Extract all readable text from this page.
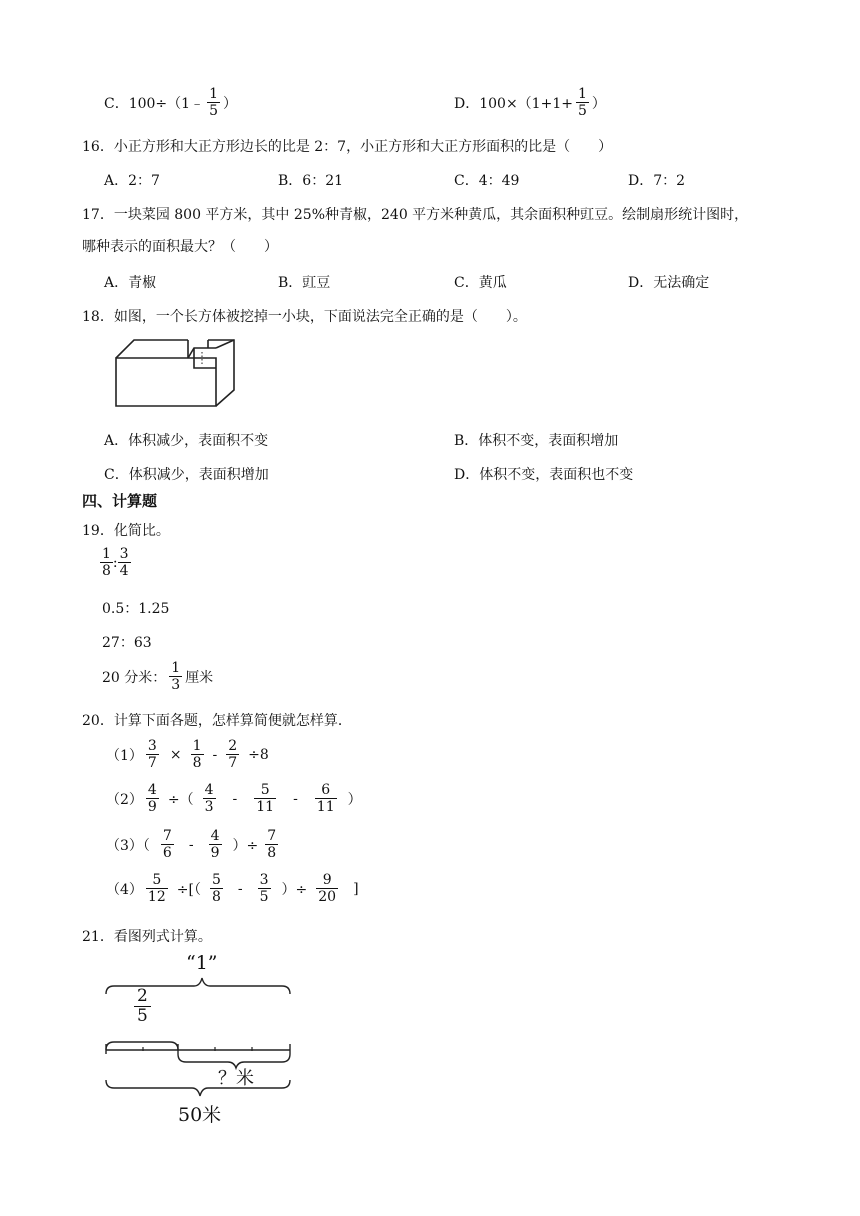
C．100÷（1﹣ $\frac{1}{5}$ ）	D．$100\times(1+1+ \frac{1}{5}$ ）
16．小正方形和大正方形边长的比是 2：7，小正方形和大正方形面积的比是（　　）
A．2：7	B．6：21	C．4：49	D．7：2
17．一块菜园 800 平方米，其中 25%种青椒，240 平方米种黄瓜，其余面积种豇豆。绘制扇形统计图时，
哪种表示的面积最大？（　　）
A．青椒	B．豇豆	C．黄瓜	D．无法确定
18．如图，一个长方体被挖掉一小块，下面说法完全正确的是（　　）。
A．体积减少，表面积不变	B．体积不变，表面积增加
C．体积减少，表面积增加	D．体积不变，表面积也不变
四、计算题
19．化简比。
$\frac{1}{8}$ : $\frac{3}{4}$
0.5：1.25
27：63
20 分米： $\frac{1}{3}$ 厘米
20．计算下面各题，怎样算简便就怎样算．
$(1) \frac{3}{7} \times \frac{1}{8} - \frac{2}{7} \div 8$
$(2) \frac{4}{9}$ ÷（ $\frac{4}{3} - \frac{5}{11} - \frac{6}{11}$ ）
$(3)( \frac{7}{6} - \frac{4}{9}$ ）÷ $\frac{7}{8}$
$(4) \frac{5}{12}$ ÷[（ $\frac{5}{8} - \frac{3}{5}$ ）÷ $\frac{9}{20}$ ]
21．看图列式计算。
“1”
2
5
？米
50米
